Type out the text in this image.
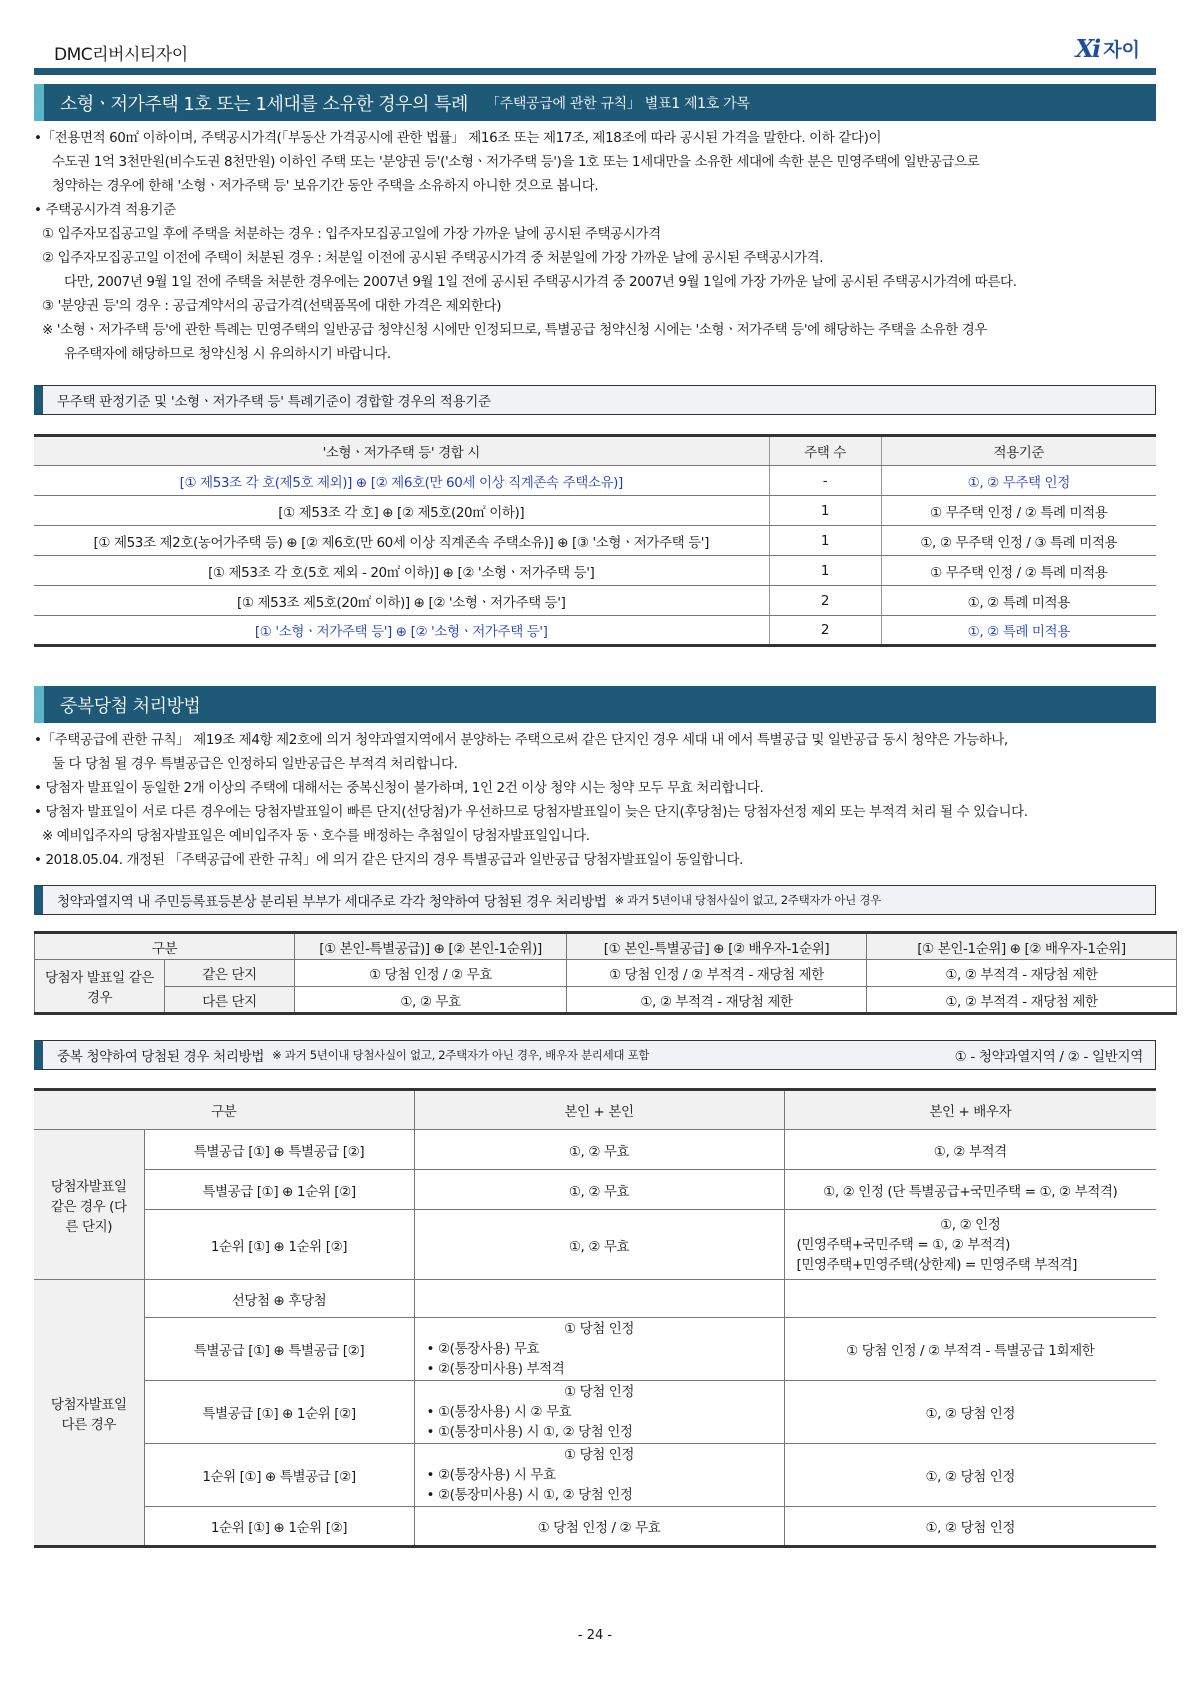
DMC리버시티자이	Xi 자이
소형ㆍ저가주택 1호 또는 1세대를 소유한 경우의 특례 「주택공급에 관한 규칙」 별표1 제1호 가목
•「전용면적 60㎡ 이하이며, 주택공시가격(「부동산 가격공시에 관한 법률」 제16조 또는 제17조, 제18조에 따라 공시된 가격을 말한다. 이하 같다)이
수도권 1억 3천만원(비수도권 8천만원) 이하인 주택 또는 '분양권 등'('소형ㆍ저가주택 등')을 1호 또는 1세대만을 소유한 세대에 속한 분은 민영주택에 일반공급으로
청약하는 경우에 한해 '소형ㆍ저가주택 등' 보유기간 동안 주택을 소유하지 아니한 것으로 봅니다.
• 주택공시가격 적용기준
① 입주자모집공고일 후에 주택을 처분하는 경우 : 입주자모집공고일에 가장 가까운 날에 공시된 주택공시가격
② 입주자모집공고일 이전에 주택이 처분된 경우 : 처분일 이전에 공시된 주택공시가격 중 처분일에 가장 가까운 날에 공시된 주택공시가격.
다만, 2007년 9월 1일 전에 주택을 처분한 경우에는 2007년 9월 1일 전에 공시된 주택공시가격 중 2007년 9월 1일에 가장 가까운 날에 공시된 주택공시가격에 따른다.
③ '분양권 등'의 경우 : 공급계약서의 공급가격(선택품목에 대한 가격은 제외한다)
※ '소형ㆍ저가주택 등'에 관한 특례는 민영주택의 일반공급 청약신청 시에만 인정되므로, 특별공급 청약신청 시에는 '소형ㆍ저가주택 등'에 해당하는 주택을 소유한 경우
유주택자에 해당하므로 청약신청 시 유의하시기 바랍니다.
무주택 판정기준 및 '소형ㆍ저가주택 등' 특례기준이 경합할 경우의 적용기준
'소형ㆍ저가주택 등' 경합 시	주택 수	적용기준
[① 제53조 각 호(제5호 제외)] ⊕ [② 제6호(만 60세 이상 직계존속 주택소유)]	-	①, ② 무주택 인정
[① 제53조 각 호] ⊕ [② 제5호(20㎡ 이하)]	1	① 무주택 인정 / ② 특례 미적용
[① 제53조 제2호(농어가주택 등) ⊕ [② 제6호(만 60세 이상 직계존속 주택소유)] ⊕ [③ '소형ㆍ저가주택 등']	1	①, ② 무주택 인정 / ③ 특례 미적용
[① 제53조 각 호(5호 제외 - 20㎡ 이하)] ⊕ [② '소형ㆍ저가주택 등']	1	① 무주택 인정 / ② 특례 미적용
[① 제53조 제5호(20㎡ 이하)] ⊕ [② '소형ㆍ저가주택 등']	2	①, ② 특례 미적용
[① '소형ㆍ저가주택 등'] ⊕ [② '소형ㆍ저가주택 등']	2	①, ② 특례 미적용
중복당첨 처리방법
•「주택공급에 관한 규칙」 제19조 제4항 제2호에 의거 청약과열지역에서 분양하는 주택으로써 같은 단지인 경우 세대 내 에서 특별공급 및 일반공급 동시 청약은 가능하나,
둘 다 당첨 될 경우 특별공급은 인정하되 일반공급은 부적격 처리합니다.
• 당첨자 발표일이 동일한 2개 이상의 주택에 대해서는 중복신청이 불가하며, 1인 2건 이상 청약 시는 청약 모두 무효 처리합니다.
• 당첨자 발표일이 서로 다른 경우에는 당첨자발표일이 빠른 단지(선당첨)가 우선하므로 당첨자발표일이 늦은 단지(후당첨)는 당첨자선정 제외 또는 부적격 처리 될 수 있습니다.
※ 예비입주자의 당첨자발표일은 예비입주자 동ㆍ호수를 배정하는 추첨일이 당첨자발표일입니다.
• 2018.05.04. 개정된 「주택공급에 관한 규칙」에 의거 같은 단지의 경우 특별공급과 일반공급 당첨자발표일이 동일합니다.
청약과열지역 내 주민등록표등본상 분리된 부부가 세대주로 각각 청약하여 당첨된 경우 처리방법 ※ 과거 5년이내 당첨사실이 없고, 2주택자가 아닌 경우
구분		[① 본인-특별공급)] ⊕ [② 본인-1순위)]	[① 본인-특별공급] ⊕ [② 배우자-1순위]	[① 본인-1순위] ⊕ [② 배우자-1순위]
당첨자 발표일 같은경우	같은 단지	① 당첨 인정 / ② 무효	① 당첨 인정 / ② 부적격 - 재당첨 제한	①, ② 부적격 - 재당첨 제한
	다른 단지	①, ② 무효	①, ② 부적격 - 재당첨 제한	①, ② 부적격 - 재당첨 제한
중복 청약하여 당첨된 경우 처리방법 ※ 과거 5년이내 당첨사실이 없고, 2주택자가 아닌 경우, 배우자 분리세대 포함	① - 청약과열지역 / ② - 일반지역
구분		본인 + 본인	본인 + 배우자
당첨자발표일 같은 경우 (다른 단지)	특별공급 [①] ⊕ 특별공급 [②]	①, ② 무효	①, ② 부적격
	특별공급 [①] ⊕ 1순위 [②]	①, ② 무효	①, ② 인정 (단 특별공급+국민주택 = ①, ② 부적격)
	1순위 [①] ⊕ 1순위 [②]	①, ② 무효	①, ② 인정
(민영주택+국민주택 = ①, ② 부적격)
[민영주택+민영주택(상한제) = 민영주택 부적격]

당첨자발표일 다른 경우	선당첨 ⊕ 후당첨		
	특별공급 [①] ⊕ 특별공급 [②]	① 당첨 인정
• ②(통장사용) 무효
• ②(통장미사용) 부적격	① 당첨 인정 / ② 부적격 - 특별공급 1회제한
	특별공급 [①] ⊕ 1순위 [②]	① 당첨 인정
• ①(통장사용) 시 ② 무효
• ①(통장미사용) 시 ①, ② 당첨 인정	①, ② 당첨 인정
	1순위 [①] ⊕ 특별공급 [②]	① 당첨 인정
• ②(통장사용) 시 무효
• ②(통장미사용) 시 ①, ② 당첨 인정	①, ② 당첨 인정
	1순위 [①] ⊕ 1순위 [②]	① 당첨 인정 / ② 무효	①, ② 당첨 인정
- 24 -
